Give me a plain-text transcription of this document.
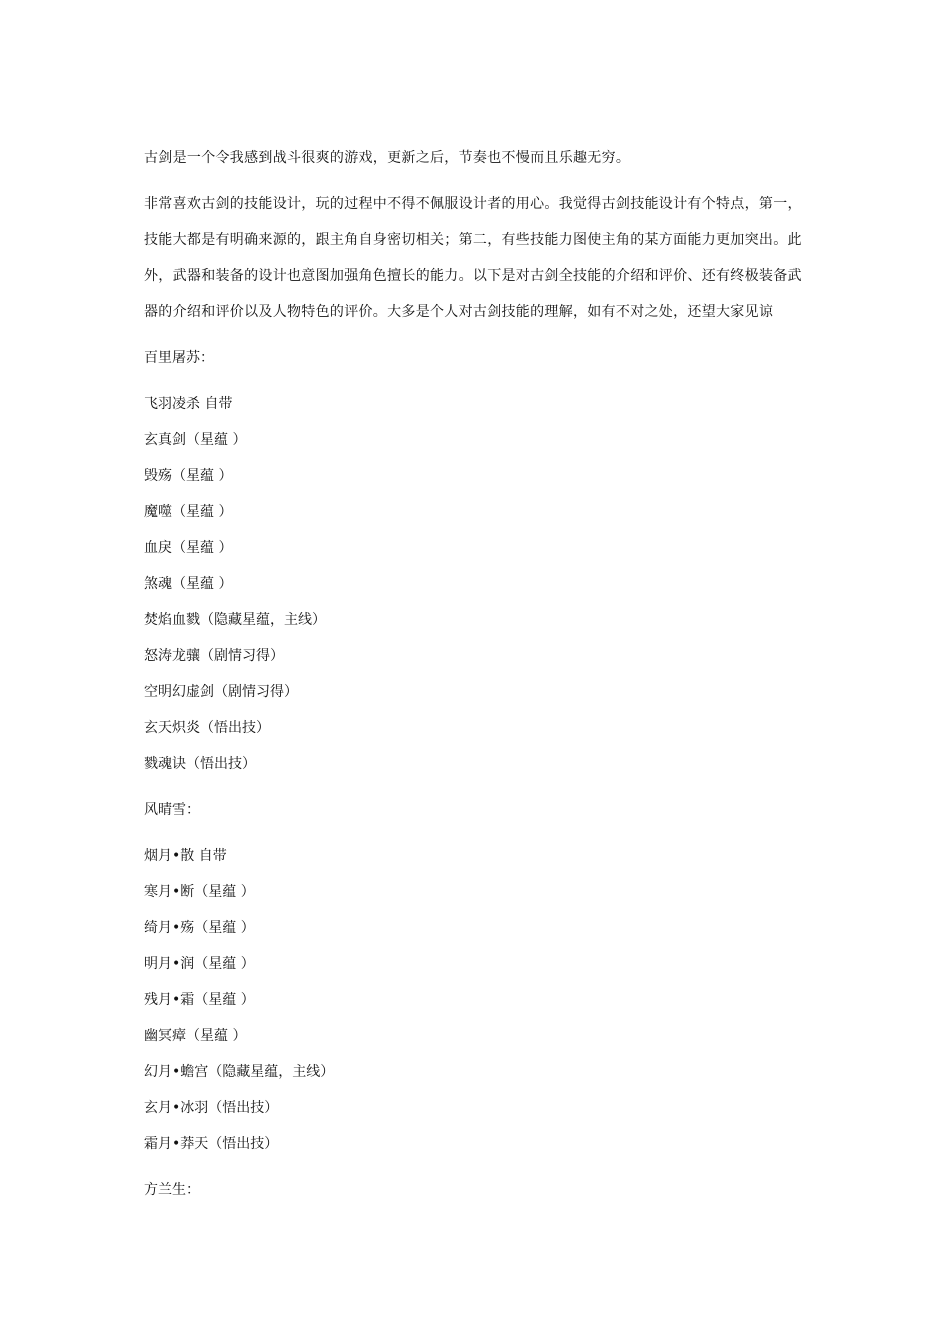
古剑是一个令我感到战斗很爽的游戏，更新之后，节奏也不慢而且乐趣无穷。

非常喜欢古剑的技能设计，玩的过程中不得不佩服设计者的用心。我觉得古剑技能设计有个特点，第一，技能大都是有明确来源的，跟主角自身密切相关；第二，有些技能力图使主角的某方面能力更加突出。此外，武器和装备的设计也意图加强角色擅长的能力。以下是对古剑全技能的介绍和评价、还有终极装备武器的介绍和评价以及人物特色的评价。大多是个人对古剑技能的理解，如有不对之处，还望大家见谅

百里屠苏：

飞羽凌杀 自带
玄真剑（星蕴 ）
毁殇（星蕴 ）
魔噬（星蕴 ）
血戾（星蕴 ）
煞魂（星蕴 ）
焚焰血戮（隐藏星蕴，主线）
怒涛龙骧（剧情习得）
空明幻虚剑（剧情习得）
玄天炽炎（悟出技）
戮魂诀（悟出技）

风晴雪：

烟月•散 自带
寒月•断（星蕴 ）
绮月•殇（星蕴 ）
明月•润（星蕴 ）
残月•霜（星蕴 ）
幽冥瘴（星蕴 ）
幻月•蟾宫（隐藏星蕴，主线）
玄月•冰羽（悟出技）
霜月•莽天（悟出技）

方兰生：
